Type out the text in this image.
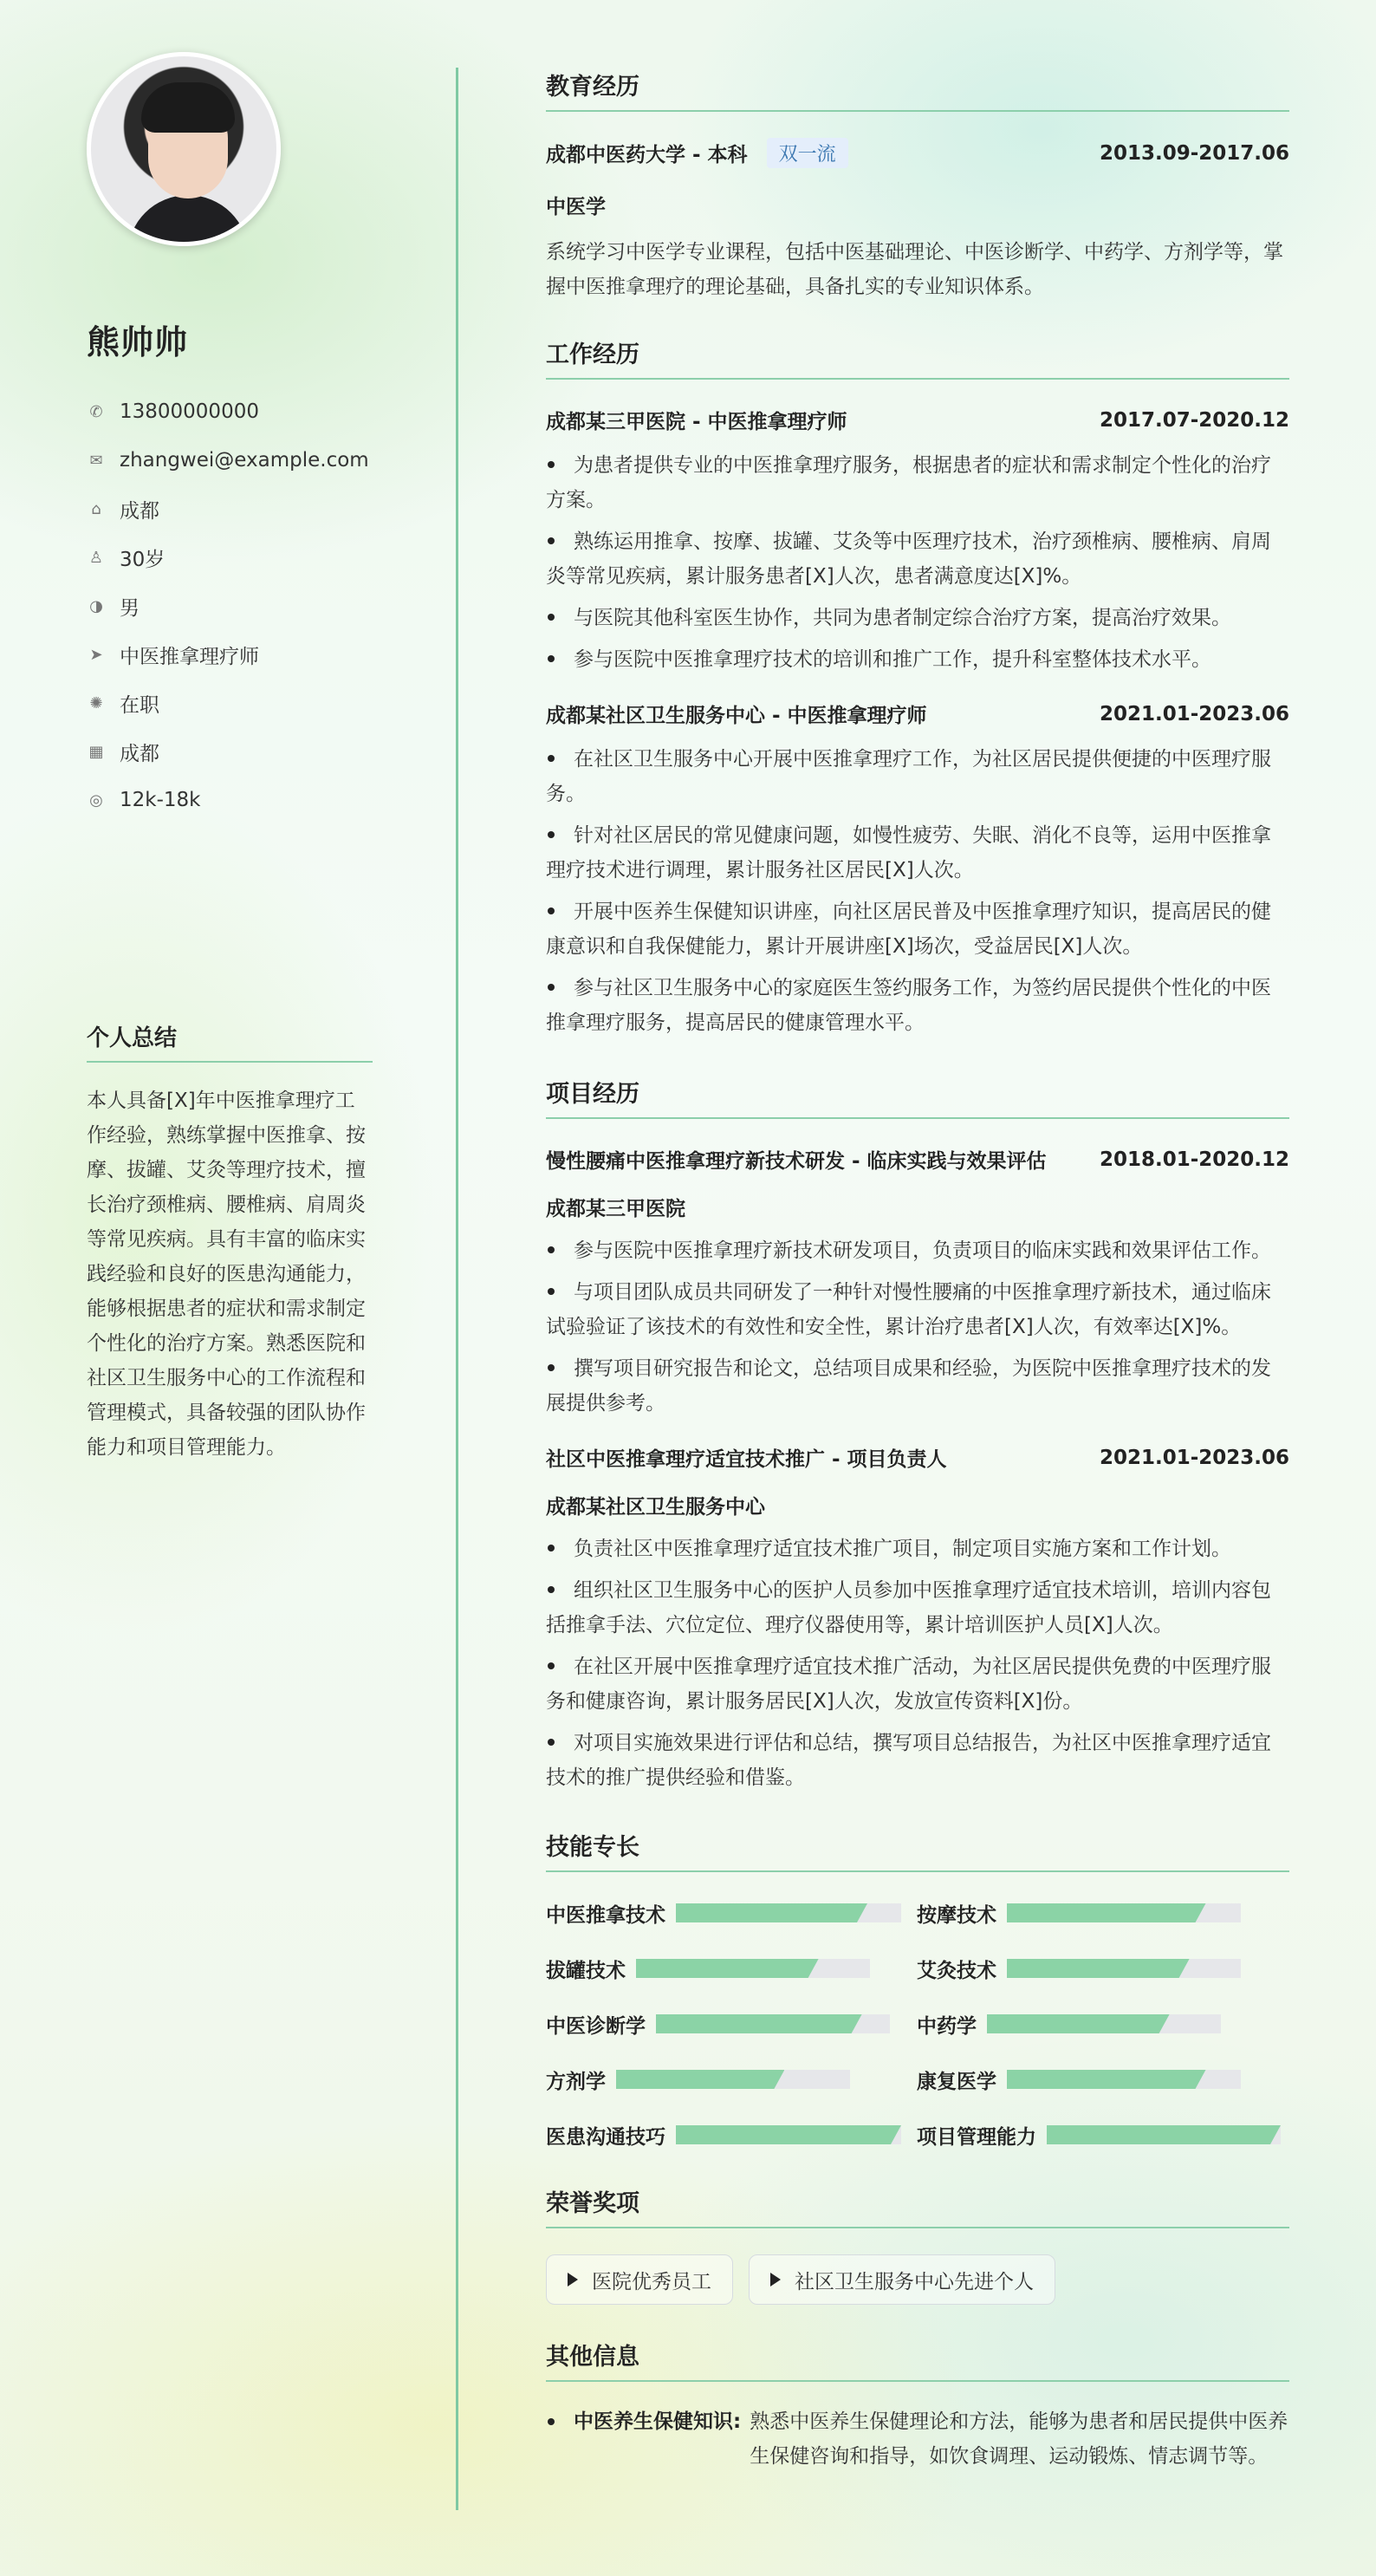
熊帅帅
✆ 13800000000
✉ zhangwei@example.com
⌂ 成都
♙ 30岁
◑ 男
➤ 中医推拿理疗师
✺ 在职
▦ 成都
◎ 12k-18k
个人总结
本人具备[X]年中医推拿理疗工作经验，熟练掌握中医推拿、按摩、拔罐、艾灸等理疗技术，擅长治疗颈椎病、腰椎病、肩周炎等常见疾病。具有丰富的临床实践经验和良好的医患沟通能力，能够根据患者的症状和需求制定个性化的治疗方案。熟悉医院和社区卫生服务中心的工作流程和管理模式，具备较强的团队协作能力和项目管理能力。
教育经历
成都中医药大学 - 本科	双一流	2013.09-2017.06
中医学
系统学习中医学专业课程，包括中医基础理论、中医诊断学、中药学、方剂学等，掌握中医推拿理疗的理论基础，具备扎实的专业知识体系。
工作经历
成都某三甲医院 - 中医推拿理疗师	2017.07-2020.12
为患者提供专业的中医推拿理疗服务，根据患者的症状和需求制定个性化的治疗方案。
熟练运用推拿、按摩、拔罐、艾灸等中医理疗技术，治疗颈椎病、腰椎病、肩周炎等常见疾病，累计服务患者[X]人次，患者满意度达[X]%。
与医院其他科室医生协作，共同为患者制定综合治疗方案，提高治疗效果。
参与医院中医推拿理疗技术的培训和推广工作，提升科室整体技术水平。
成都某社区卫生服务中心 - 中医推拿理疗师	2021.01-2023.06
在社区卫生服务中心开展中医推拿理疗工作，为社区居民提供便捷的中医理疗服务。
针对社区居民的常见健康问题，如慢性疲劳、失眠、消化不良等，运用中医推拿理疗技术进行调理，累计服务社区居民[X]人次。
开展中医养生保健知识讲座，向社区居民普及中医推拿理疗知识，提高居民的健康意识和自我保健能力，累计开展讲座[X]场次，受益居民[X]人次。
参与社区卫生服务中心的家庭医生签约服务工作，为签约居民提供个性化的中医推拿理疗服务，提高居民的健康管理水平。
项目经历
慢性腰痛中医推拿理疗新技术研发 - 临床实践与效果评估	2018.01-2020.12
成都某三甲医院
参与医院中医推拿理疗新技术研发项目，负责项目的临床实践和效果评估工作。
与项目团队成员共同研发了一种针对慢性腰痛的中医推拿理疗新技术，通过临床试验验证了该技术的有效性和安全性，累计治疗患者[X]人次，有效率达[X]%。
撰写项目研究报告和论文，总结项目成果和经验，为医院中医推拿理疗技术的发展提供参考。
社区中医推拿理疗适宜技术推广 - 项目负责人	2021.01-2023.06
成都某社区卫生服务中心
负责社区中医推拿理疗适宜技术推广项目，制定项目实施方案和工作计划。
组织社区卫生服务中心的医护人员参加中医推拿理疗适宜技术培训，培训内容包括推拿手法、穴位定位、理疗仪器使用等，累计培训医护人员[X]人次。
在社区开展中医推拿理疗适宜技术推广活动，为社区居民提供免费的中医理疗服务和健康咨询，累计服务居民[X]人次，发放宣传资料[X]份。
对项目实施效果进行评估和总结，撰写项目总结报告，为社区中医推拿理疗适宜技术的推广提供经验和借鉴。
技能专长
中医推拿技术	按摩技术
拔罐技术	艾灸技术
中医诊断学	中药学
方剂学	康复医学
医患沟通技巧	项目管理能力
荣誉奖项
医院优秀员工	社区卫生服务中心先进个人
其他信息
中医养生保健知识: 熟悉中医养生保健理论和方法，能够为患者和居民提供中医养生保健咨询和指导，如饮食调理、运动锻炼、情志调节等。
